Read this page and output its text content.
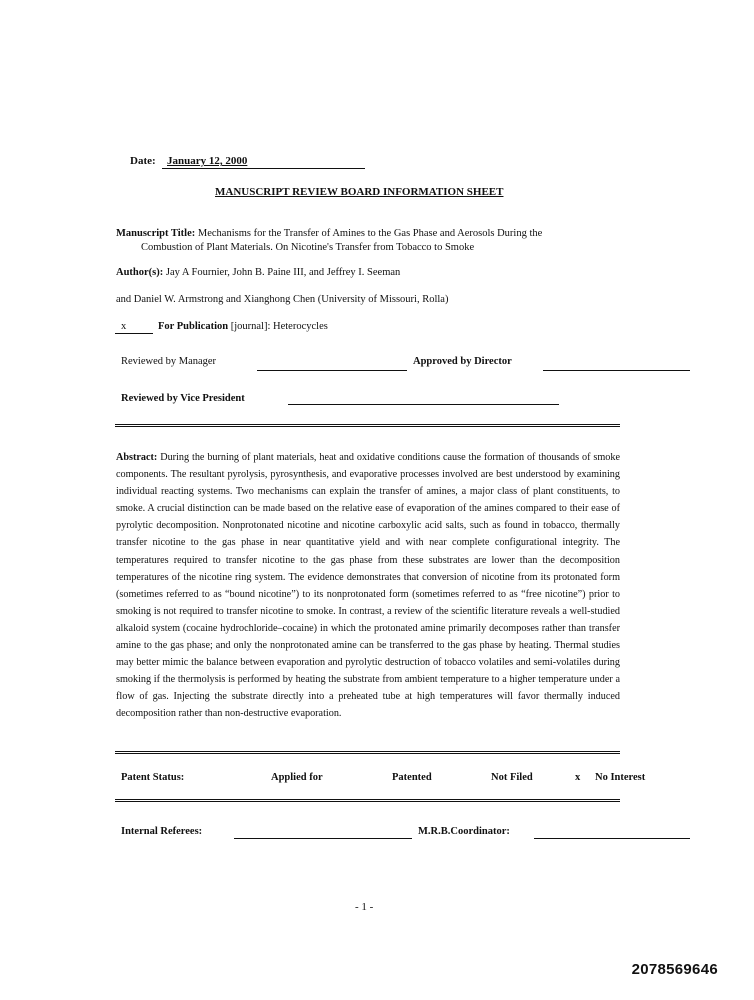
Date: January 12, 2000
MANUSCRIPT REVIEW BOARD INFORMATION SHEET
Manuscript Title: Mechanisms for the Transfer of Amines to the Gas Phase and Aerosols During the
Combustion of Plant Materials. On Nicotine's Transfer from Tobacco to Smoke
Author(s): Jay A Fournier, John B. Paine III, and Jeffrey I. Seeman
and Daniel W. Armstrong and Xianghong Chen (University of Missouri, Rolla)
x	For Publication [journal]: Heterocycles
Reviewed by Manager	Approved by Director
Reviewed by Vice President
Abstract: During the burning of plant materials, heat and oxidative conditions cause the formation of thousands of smoke components. The resultant pyrolysis, pyrosynthesis, and evaporative processes involved are best understood by examining individual reacting systems. Two mechanisms can explain the transfer of amines, a major class of plant constituents, to smoke. A crucial distinction can be made based on the relative ease of evaporation of the amines compared to their ease of pyrolytic decomposition. Nonprotonated nicotine and nicotine carboxylic acid salts, such as found in tobacco, thermally transfer nicotine to the gas phase in near quantitative yield and with near complete configurational integrity. The temperatures required to transfer nicotine to the gas phase from these substrates are lower than the decomposition temperatures of the nicotine ring system. The evidence demonstrates that conversion of nicotine from its protonated form (sometimes referred to as “bound nicotine”) to its nonprotonated form (sometimes referred to as “free nicotine”) prior to smoking is not required to transfer nicotine to smoke. In contrast, a review of the scientific literature reveals a well-studied alkaloid system (cocaine hydrochloride–cocaine) in which the protonated amine primarily decomposes rather than transfer amine to the gas phase; and only the nonprotonated amine can be transferred to the gas phase by heating. Thermal studies may better mimic the balance between evaporation and pyrolytic destruction of tobacco volatiles and semi-volatiles during smoking if the thermolysis is performed by heating the substrate from ambient temperature to a higher temperature under a flow of gas. Injecting the substrate directly into a preheated tube at high temperatures will favor thermally induced decomposition rather than non-destructive evaporation.
Patent Status:	Applied for	Patented	Not Filed	x No Interest
Internal Referees:	M.R.B.Coordinator:
- 1 -
2078569646
